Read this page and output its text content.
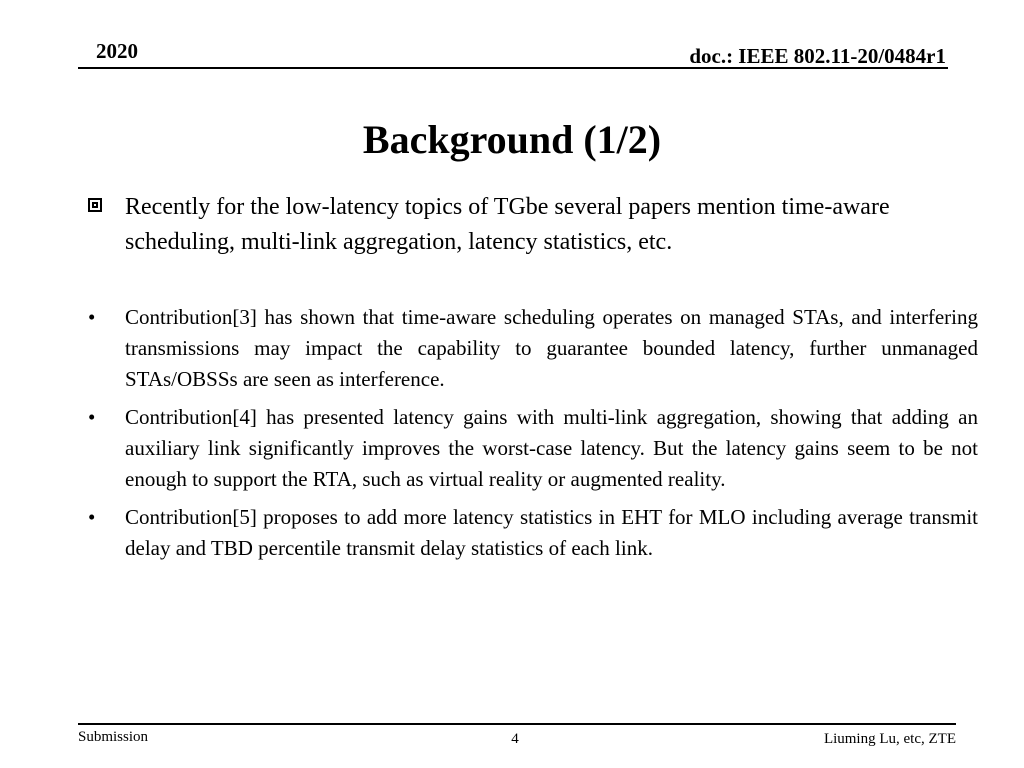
2020	doc.: IEEE 802.11-20/0484r1
Background (1/2)
Recently for the low-latency topics of TGbe several papers mention time-aware scheduling, multi-link aggregation, latency statistics, etc.
• Contribution[3] has shown that time-aware scheduling operates on managed STAs, and interfering transmissions may impact the capability to guarantee bounded latency, further unmanaged STAs/OBSSs are seen as interference.
• Contribution[4] has presented latency gains with multi-link aggregation, showing that adding an auxiliary link significantly improves the worst-case latency. But the latency gains seem to be not enough to support the RTA, such as virtual reality or augmented reality.
• Contribution[5] proposes to add more latency statistics in EHT for MLO including average transmit delay and TBD percentile transmit delay statistics of each link.
Submission	4	Liuming Lu, etc, ZTE
